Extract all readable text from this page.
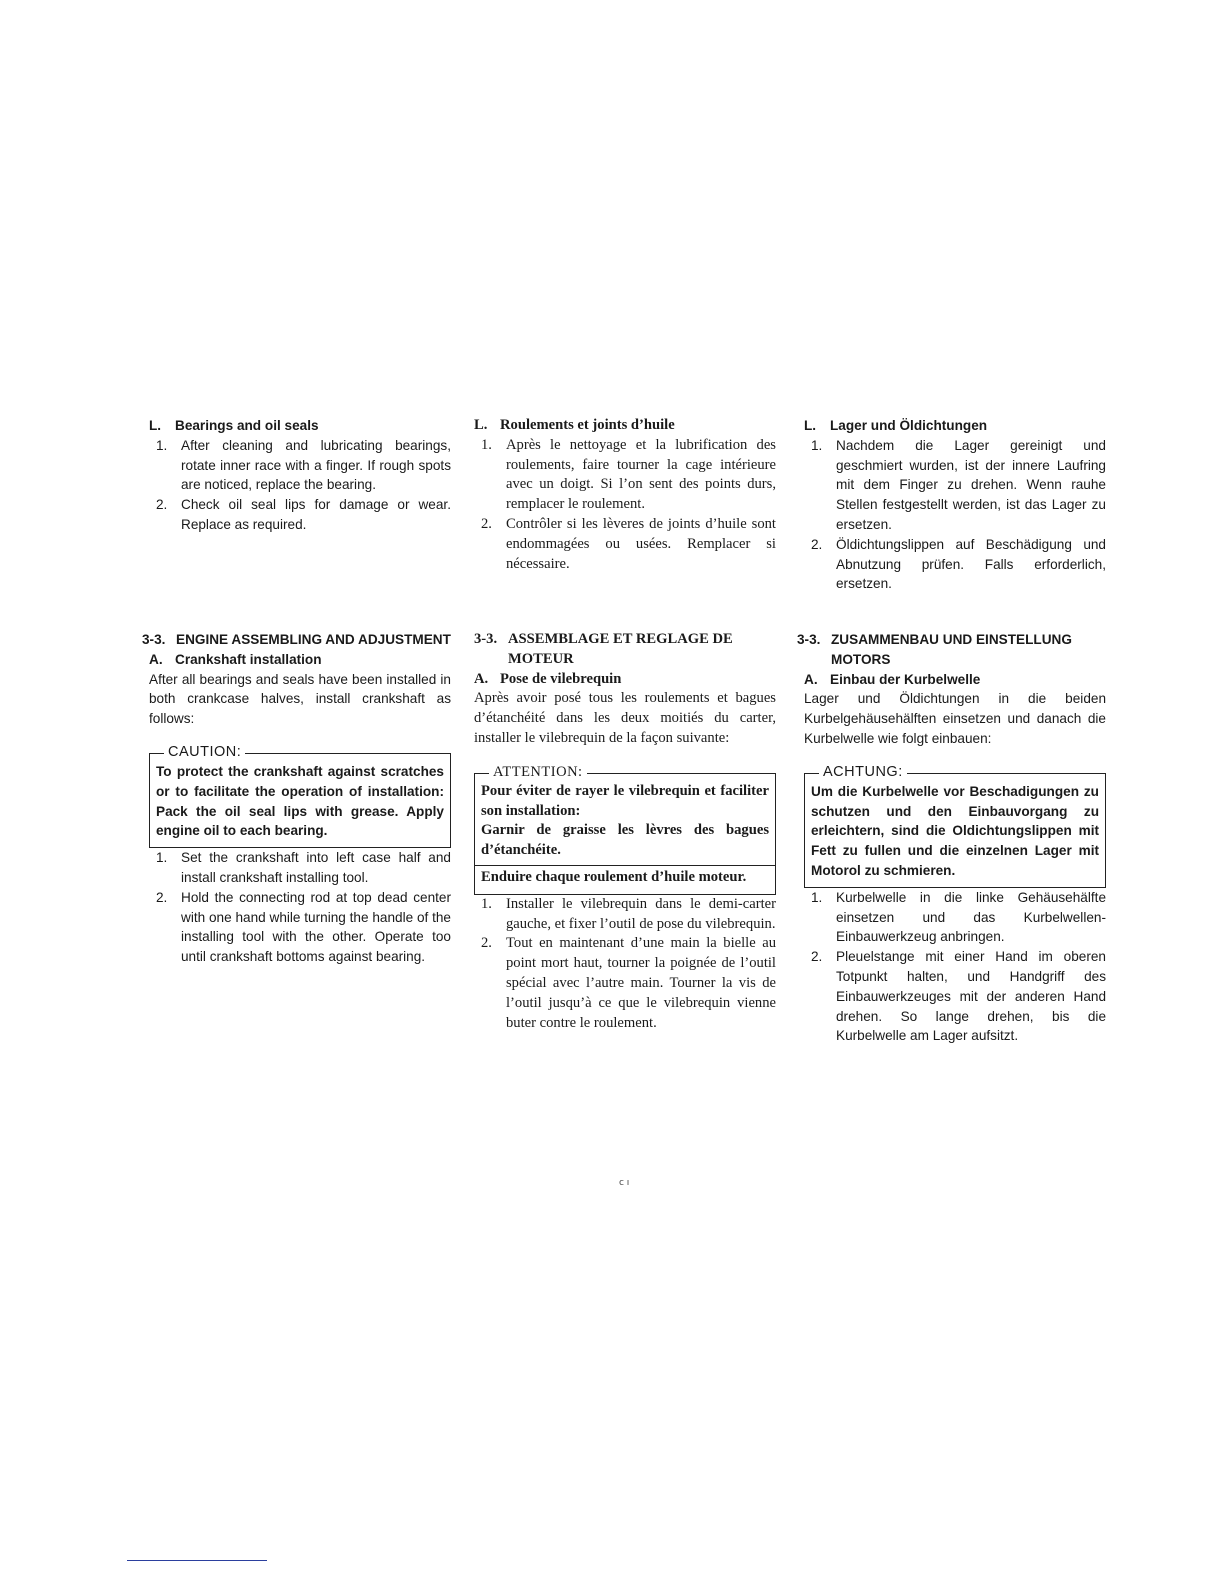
L. Bearings and oil seals

1. After cleaning and lubricating bearings, rotate inner race with a finger. If rough spots are noticed, replace the bearing.
2. Check oil seal lips for damage or wear. Replace as required.

L. Roulements et joints d’huile

1. Après le nettoyage et la lubrification des roulements, faire tourner la cage intérieure avec un doigt. Si l’on sent des points durs, remplacer le roulement.
2. Contrôler si les lèveres de joints d’huile sont endommagées ou usées. Remplacer si nécessaire.

L. Lager und Öldichtungen

1. Nachdem die Lager gereinigt und geschmiert wurden, ist der innere Laufring mit dem Finger zu drehen. Wenn rauhe Stellen festgestellt werden, ist das Lager zu ersetzen.
2. Öldichtungslippen auf Beschädigung und Abnutzung prüfen. Falls erforderlich, ersetzen.
3-3. ENGINE ASSEMBLING AND ADJUSTMENT
A. Crankshaft installation

After all bearings and seals have been installed in both crankcase halves, install crankshaft as follows:

CAUTION:

To protect the crankshaft against scratches or to facilitate the operation of installation: Pack the oil seal lips with grease. Apply engine oil to each bearing.

1. Set the crankshaft into left case half and install crankshaft installing tool.
2. Hold the connecting rod at top dead center with one hand while turning the handle of the installing tool with the other. Operate too until crankshaft bottoms against bearing.
3-3. ASSEMBLAGE ET REGLAGE DE MOTEUR
A. Pose de vilebrequin

Après avoir posé tous les roulements et bagues d’étanchéité dans les deux moitiés du carter, installer le vilebrequin de la façon suivante:

ATTENTION:

Pour éviter de rayer le vilebrequin et faciliter son installation:

Garnir de graisse les lèvres des bagues d’étanchéite.

Enduire chaque roulement d’huile moteur.

1. Installer le vilebrequin dans le demi-carter gauche, et fixer l’outil de pose du vilebrequin.
2. Tout en maintenant d’une main la bielle au point mort haut, tourner la poignée de l’outil spécial avec l’autre main. Tourner la vis de l’outil jusqu’à ce que le vilebrequin vienne buter contre le roulement.
3-3. ZUSAMMENBAU UND EINSTELLUNG MOTORS
A. Einbau der Kurbelwelle

Lager und Öldichtungen in die beiden Kurbelgehäusehälften einsetzen und danach die Kurbelwelle wie folgt einbauen:

ACHTUNG:

Um die Kurbelwelle vor Beschadigungen zu schutzen und den Einbauvorgang zu erleichtern, sind die Oldichtungslippen mit Fett zu fullen und die einzelnen Lager mit Motorol zu schmieren.

1. Kurbelwelle in die linke Gehäusehälfte einsetzen und das Kurbelwellen-Einbauwerkzeug anbringen.
2. Pleuelstange mit einer Hand im oberen Totpunkt halten, und Handgriff des Einbauwerkzeuges mit der anderen Hand drehen. So lange drehen, bis die Kurbelwelle am Lager aufsitzt.
c ı
